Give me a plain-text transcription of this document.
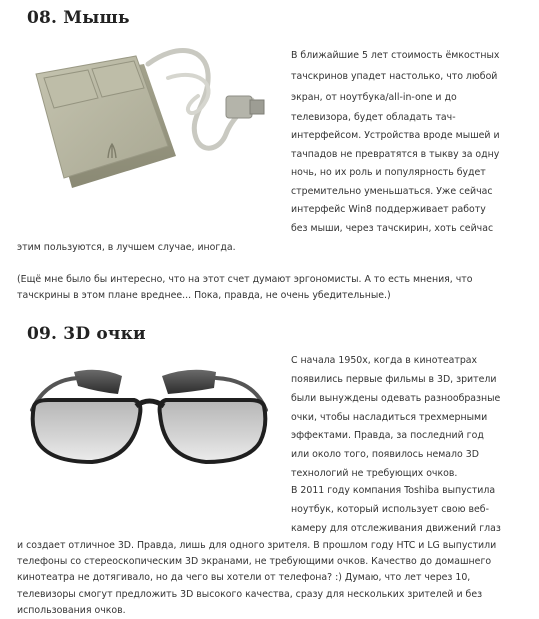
08. Мышь

В ближайшие 5 лет стоимость ёмкостных

тачскринов упадет настолько, что любой

экран, от ноутбука/all-in-one и до

телевизора, будет обладать тач-

интерфейсом. Устройства вроде мышей и

тачпадов не превратятся в тыкву за одну

ночь, но их роль и популярность будет

стремительно уменьшаться. Уже сейчас

интерфейс Win8 поддерживает работу

без мыши, через тачскирин, хоть сейчас

этим пользуются, в лучшем случае, иногда.

(Ещё мне было бы интересно, что на этот счет думают эргономисты. А то есть мнения, что тачскрины в этом плане вреднее... Пока, правда, не очень убедительные.)

09. 3D очки

С начала 1950х, когда в кинотеатрах

появились первые фильмы в 3D, зрители

были вынуждены одевать разнообразные

очки, чтобы насладиться трехмерными

эффектами. Правда, за последний год

или около того, появилось немало 3D

технологий не требующих очков.

В 2011 году компания Toshiba выпустила

ноутбук, который использует свою веб-

камеру для отслеживания движений глаз

и создает отличное 3D. Правда, лишь для одного зрителя. В прошлом году HTC и LG выпустили телефоны со стереоскопическим 3D экранами, не требующими очков. Качество до домашнего кинотеатра не дотягивало, но да чего вы хотели от телефона? :) Думаю, что лет через 10, телевизоры смогут предложить 3D высокого качества, сразу для нескольких зрителей и без использования очков.
